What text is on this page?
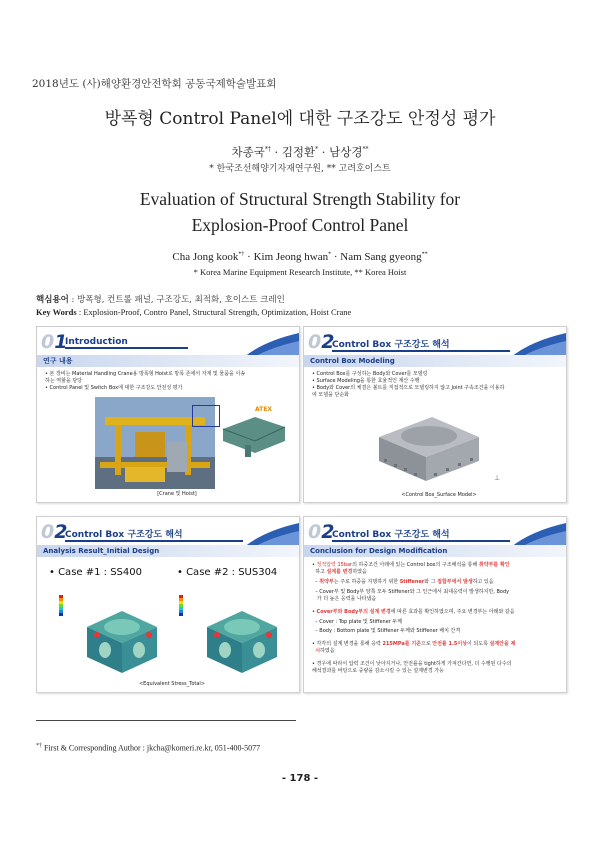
2018년도 (사)해양환경안전학회 공동국제학술발표회
방폭형 Control Panel에 대한 구조강도 안정성 평가
차종국*† · 김정환* · 남상경**
* 한국조선해양기자재연구원, ** 고려호이스트
Evaluation of Structural Strength Stability for
Explosion-Proof Control Panel
Cha Jong kook*† · Kim Jeong hwan* · Nam Sang gyeong**
* Korea Marine Equipment Research Institute, ** Korea Hoist
핵심용어 : 방폭형, 컨트롤 패널, 구조강도, 최적화, 호이스트 크레인
Key Words : Explosion-Proof, Contro Panel, Structural Strength, Optimization, Hoist Crane
01
Introduction
연구 내용
• 본 장비는 Material Handling Crane용 방폭형 Hoist로 방폭 존에서 자재 및 물품을 이송
하는 역할을 담당
• Control Panel 및 Switch Box에 대한 구조강도 안전성 평가
ATEX
[Crane 및 Hoist]
02
Control Box 구조강도 해석
Control Box Modeling
• Control Box를 구성하는 Body와 Cover를 모델링
• Surface Modeling을 통한 효율적인 계산 수행
• Body와 Cover의 체결은 볼트를 직접적으로 모델링하지 않고 Joint 구속조건을 이용하
여 모델을 단순화
⊥
<Control Box_Surface Model>
02
Control Box 구조강도 해석
Analysis Result_Initial Design
• Case #1 : SS400	• Case #2 : SUS304
<Equivalent Stress_Total>
02
Control Box 구조강도 해석
Conclusion for Design Modification
• 정적압력 15bar의 하중조건 아래에 있는 Control box의 구조해석을 통해 취약부를 확인
하고 설계를 변경하였음
– 취약부는 주로 하중을 지탱하기 위한 Stiffener와 그 접합부에서 발생하고 있음
– Cover부 및 Body부 양쪽 모두 Stiffener와 그 인근에서 최대응력이 발생하지만, Body
가 더 높은 응력을 나타냈음
• Cover부와 Body부의 설계 변경에 따른 효과를 확인하였으며, 주요 변경부는 아래와 같음
– Cover : Top plate 및 Stiffener 두께
– Body : Bottom plate 및 Stiffener 두께와 Stiffener 배치 간격
• 각각의 설계 변경을 통해 응력 215MPa를 기준으로 안전률 1.5이상이 되도록 설계안을 제
시하였음
• 경우에 따라서 압력 조건이 낮아지거나, 안전률을 tight하게 가져간다면, 더 수행된 다수의
해석결과를 바탕으로 중량을 감소시킬 수 있는 설계변경 가능
*† First & Corresponding Author : jkcha@komeri.re.kr, 051-400-5077
- 178 -
